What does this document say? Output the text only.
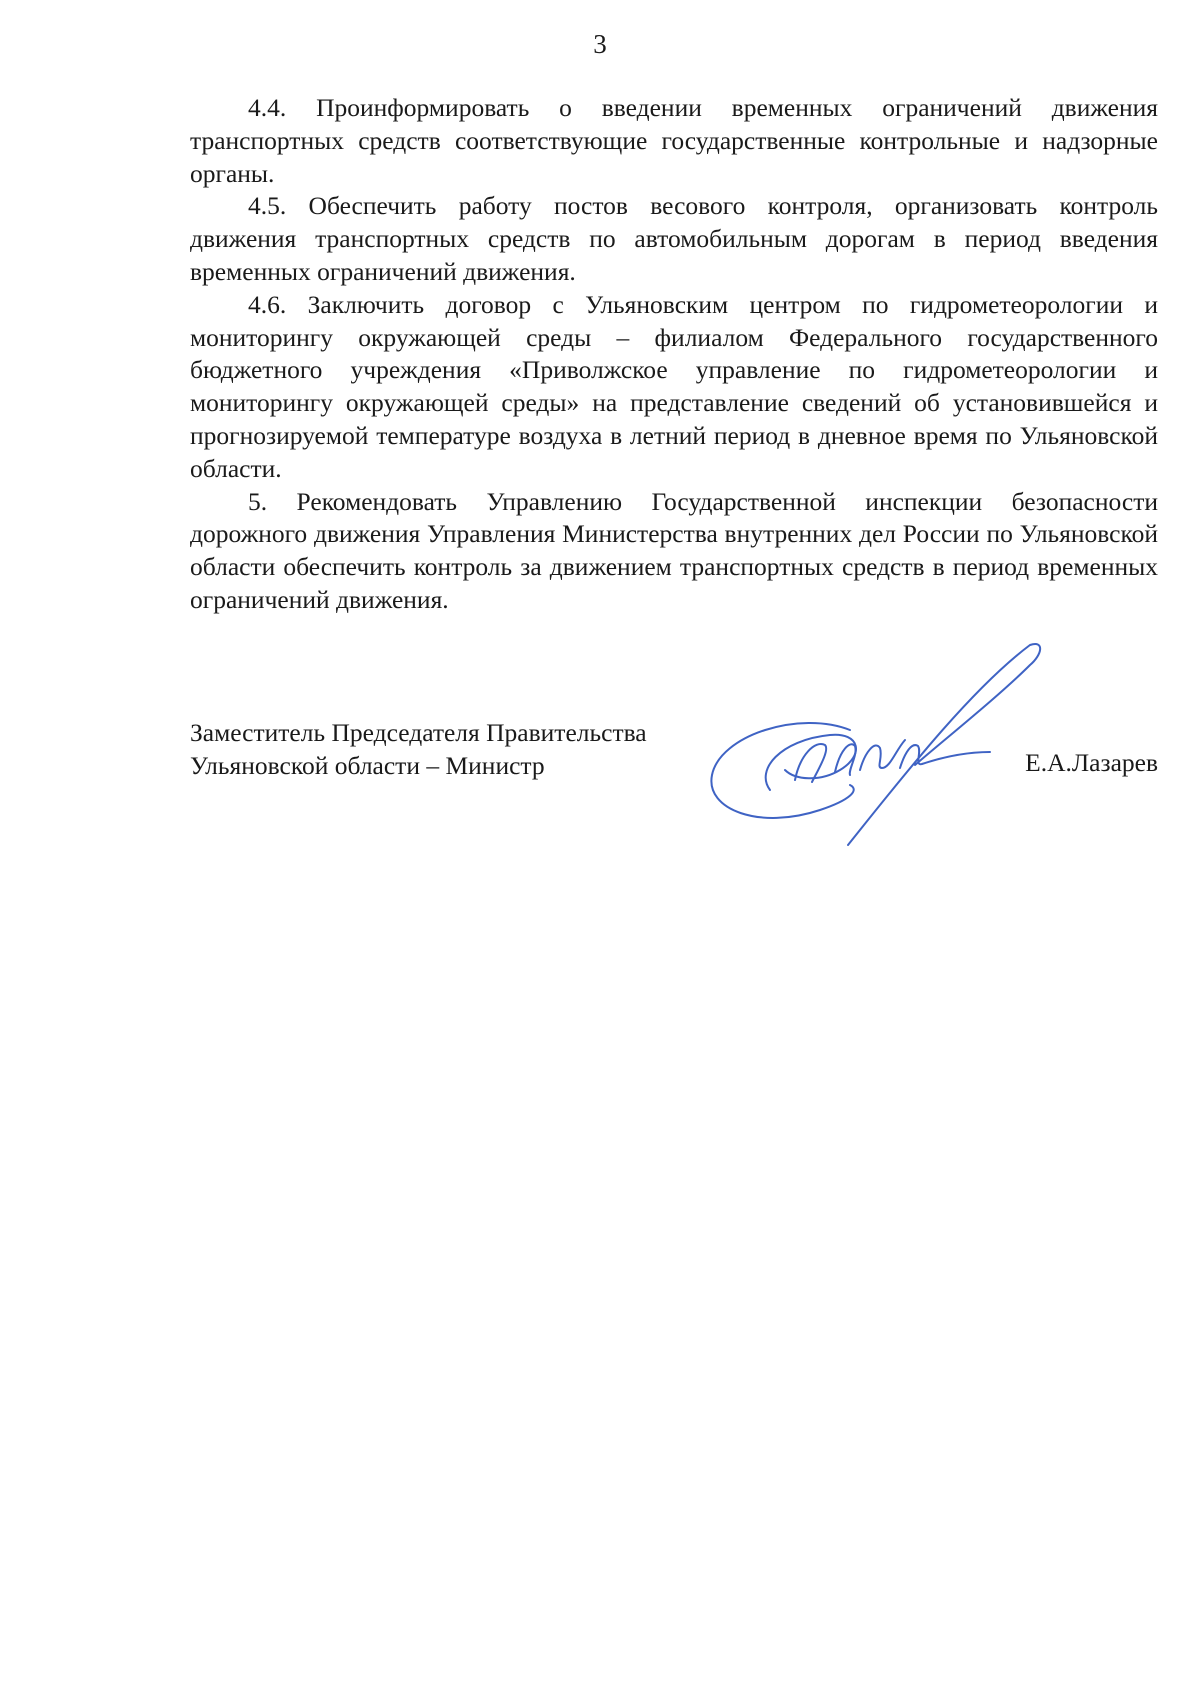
3

4.4. Проинформировать о введении временных ограничений движения транспортных средств соответствующие государственные контрольные и надзорные органы.

4.5. Обеспечить работу постов весового контроля, организовать контроль движения транспортных средств по автомобильным дорогам в период введения временных ограничений движения.

4.6. Заключить договор с Ульяновским центром по гидрометеорологии и мониторингу окружающей среды – филиалом Федерального государственного бюджетного учреждения «Приволжское управление по гидрометеорологии и мониторингу окружающей среды» на представление сведений об установившейся и прогнозируемой температуре воздуха в летний период в дневное время по Ульяновской области.

5. Рекомендовать Управлению Государственной инспекции безопасности дорожного движения Управления Министерства внутренних дел России по Ульяновской области обеспечить контроль за движением транспортных средств в период временных ограничений движения.

Заместитель Председателя Правительства
Ульяновской области – Министр	Е.А.Лазарев
